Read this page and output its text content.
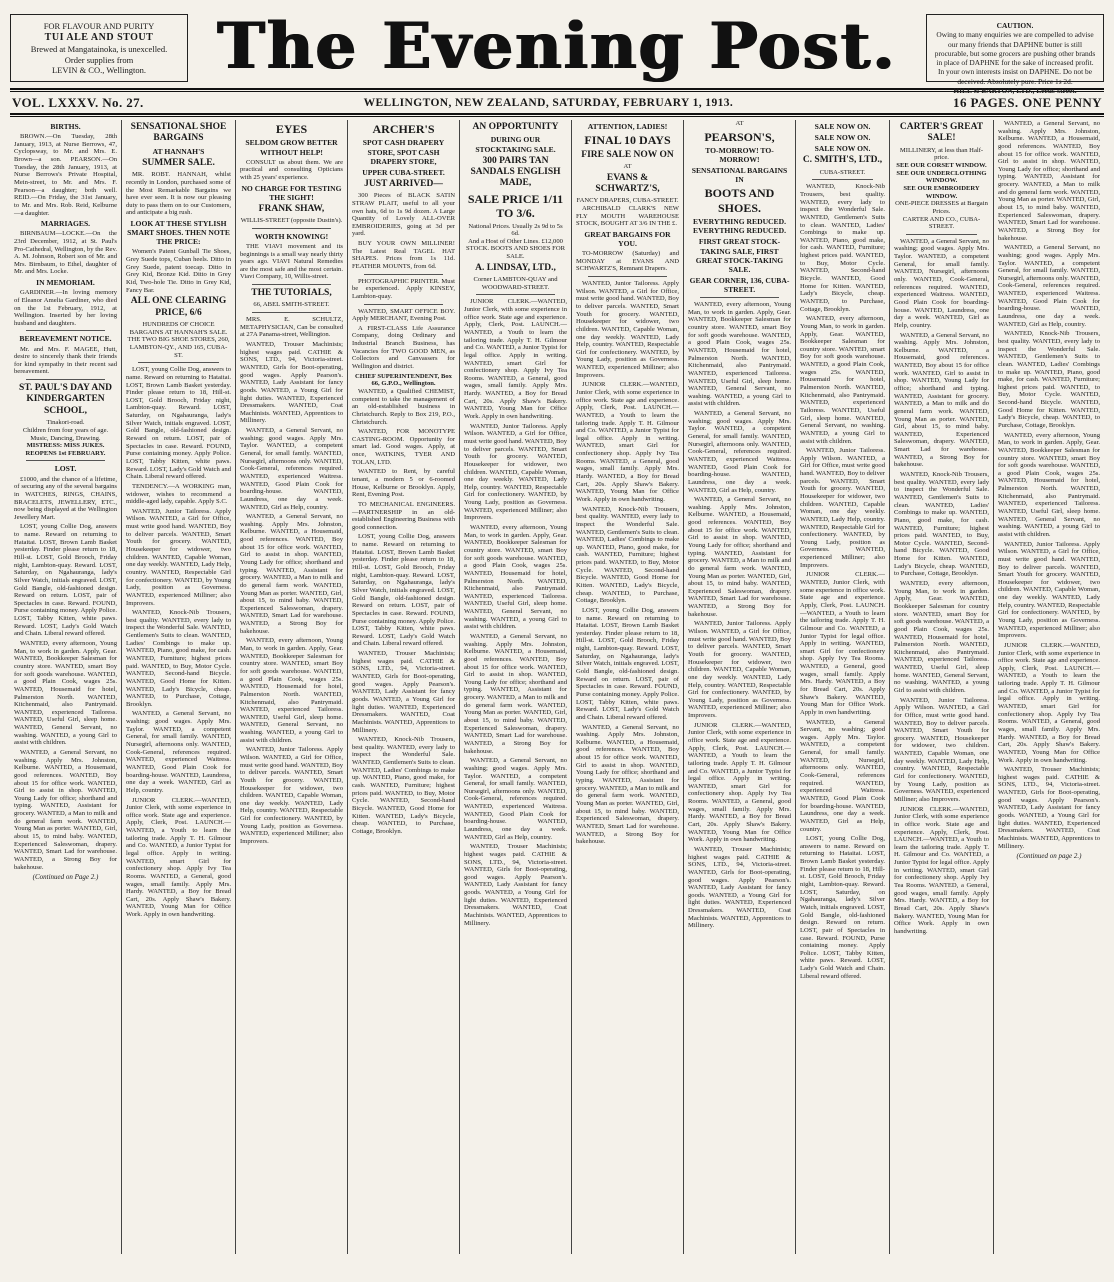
FOR FLAVOUR AND PURITY
TUI ALE AND STOUT
Brewed at Mangatainoka, is unexcelled.
Order supplies from
LEVIN & CO., Wellington.	The Evening Post.	CAUTION.
Owing to many enquiries we are compelled to advise our many friends that DAPHNE butter is still procurable, but some grocers are pushing other brands in place of DAPHNE for the sake of increased profit. In your own interests insist on DAPHNE. Do not be deceived. Absolutely pure. Price 1s 2d.
HILL & BARTON, LTD., Leeds-street.
VOL. LXXXV. No. 27.	WELLINGTON, NEW ZEALAND, SATURDAY, FEBRUARY 1, 1913.	16 PAGES. ONE PENNY
BIRTHS.
BROWN.—On Tuesday, 28th January, 1913, at Nurse Berrows, 47, Cyclopsway, to Mr. and Mrs. E. Brown—a son. PEARSON.—On Tuesday, the 28th January, 1913, at Nurse Berrows's Private Hospital, Mein-street, to Mr. and Mrs. F. Pearson—a daughter; both well. REID.—On Friday, the 31st January, to Mr. and Mrs. Rob. Reid, Kelburne—a daughter.
MARRIAGES.
BIRNBAUM—LOCKE.—On the 23rd December, 1912, at St. Paul's Pro-Cathedral, Wellington, by the Rev. A. M. Johnson, Robert son of Mr. and Mrs. Birnbaum, to Ethel, daughter of Mr. and Mrs. Locke.
IN MEMORIAM.
GARDINER.—In loving memory of Eleanor Amelia Gardiner, who died on the 1st February, 1912, at Wellington. Inserted by her loving husband and daughters.
BEREAVEMENT NOTICE.
Mr. and Mrs. F. MAGEE, Hutt, desire to sincerely thank their friends for kind sympathy in their recent sad bereavement.
ST. PAUL'S DAY AND KINDERGARTEN SCHOOL,
Tinakori-road.
Children from four years of age. Music, Dancing, Drawing.
MISTRESS: MISS JUKES.
REOPENS 1st FEBRUARY.
LOST.
£1000, and the chance of a lifetime, of securing any of the several bargains in WATCHES, RINGS, CHAINS, BRACELETS, JEWELLERY, ETC., now being displayed at the Wellington Jewellery Mart.
LOST, young Collie Dog, answers to name. Reward on returning to Hataitai. LOST, Brown Lamb Basket yesterday. Finder please return to 18, Hill-st. LOST, Gold Brooch, Friday night, Lambton-quay. Reward. LOST, Saturday, on Ngahauranga, lady's Silver Watch, initials engraved. LOST, Gold Bangle, old-fashioned design. Reward on return. LOST, pair of Spectacles in case. Reward. FOUND, Purse containing money. Apply Police. LOST, Tabby Kitten, white paws. Reward. LOST, Lady's Gold Watch and Chain. Liberal reward offered.
WANTED, every afternoon, Young Man, to work in garden. Apply, Gear. WANTED, Bookkeeper Salesman for country store. WANTED, smart Boy for soft goods warehouse. WANTED, a good Plain Cook, wages 25s. WANTED, Housemaid for hotel, Palmerston North. WANTED, Kitchenmaid, also Pantrymaid. WANTED, experienced Tailoress. WANTED, Useful Girl, sleep home. WANTED, General Servant, no washing. WANTED, a young Girl to assist with children.
WANTED, a General Servant, no washing. Apply Mrs. Johnston, Kelburne. WANTED, a Housemaid, good references. WANTED, Boy about 15 for office work. WANTED, Girl to assist in shop. WANTED, Young Lady for office; shorthand and typing. WANTED, Assistant for grocery. WANTED, a Man to milk and do general farm work. WANTED, Young Man as porter. WANTED, Girl, about 15, to mind baby. WANTED, Experienced Saleswoman, drapery. WANTED, Smart Lad for warehouse. WANTED, a Strong Boy for bakehouse.
(Continued on Page 2.)
SENSATIONAL SHOE BARGAINS
AT HANNAH'S
SUMMER SALE.
MR. ROBT. HANNAH, whilst recently in London, purchased some of the Most Remarkable Bargains we have ever seen. It is now our pleasing duty to pass them on to our Customers, and anticipate a big rush.
LOOK AT THESE STYLISH SMART SHOES. THEN NOTE THE PRICE:
Women's Patent Gunball Tie Shoes, Grey Suede tops, Cuban heels. Ditto in Grey Suede, patent toecap. Ditto in Grey Kid, Bronze Kid. Ditto in Grey Kid, Two-hole Tie. Ditto in Grey Kid, Fancy Bar.
ALL ONE CLEARING PRICE, 6/6
HUNDREDS OF CHOICE BARGAINS AT HANNAH'S SALE. THE TWO BIG SHOE STORES, 260, LAMBTON-QY., AND 165, CUBA-ST.
LOST, young Collie Dog, answers to name. Reward on returning to Hataitai. LOST, Brown Lamb Basket yesterday. Finder please return to 18, Hill-st. LOST, Gold Brooch, Friday night, Lambton-quay. Reward. LOST, Saturday, on Ngahauranga, lady's Silver Watch, initials engraved. LOST, Gold Bangle, old-fashioned design. Reward on return. LOST, pair of Spectacles in case. Reward. FOUND, Purse containing money. Apply Police. LOST, Tabby Kitten, white paws. Reward. LOST, Lady's Gold Watch and Chain. Liberal reward offered.
TENDENCY.—A WORKING man, widower, wishes to recommend a middle-aged lady, capable. Apply S.C.
WANTED, Junior Tailoress. Apply Wilson. WANTED, a Girl for Office, must write good hand. WANTED, Boy to deliver parcels. WANTED, Smart Youth for grocery. WANTED, Housekeeper for widower, two children. WANTED, Capable Woman, one day weekly. WANTED, Lady Help, country. WANTED, Respectable Girl for confectionery. WANTED, by Young Lady, position as Governess. WANTED, experienced Milliner; also Improvers.
WANTED, Knock-Nib Trousers, best quality. WANTED, every lady to inspect the Wonderful Sale. WANTED, Gentlemen's Suits to clean. WANTED, Ladies' Combings to make up. WANTED, Piano, good make, for cash. WANTED, Furniture; highest prices paid. WANTED, to Buy, Motor Cycle. WANTED, Second-hand Bicycle. WANTED, Good Home for Kitten. WANTED, Lady's Bicycle, cheap. WANTED, to Purchase, Cottage, Brooklyn.
WANTED, a General Servant, no washing; good wages. Apply Mrs. Taylor. WANTED, a competent General, for small family. WANTED, Nursegirl, afternoons only. WANTED, Cook-General, references required. WANTED, experienced Waitress. WANTED, Good Plain Cook for boarding-house. WANTED, Laundress, one day a week. WANTED, Girl as Help, country.
JUNIOR CLERK.—WANTED, Junior Clerk, with some experience in office work. State age and experience. Apply, Clerk, Post. LAUNCH.—WANTED, a Youth to learn the tailoring trade. Apply T. H. Gilmour and Co. WANTED, a Junior Typist for legal office. Apply in writing. WANTED, smart Girl for confectionery shop. Apply Ivy Tea Rooms. WANTED, a General, good wages, small family. Apply Mrs. Hardy. WANTED, a Boy for Bread Cart, 20s. Apply Shaw's Bakery. WANTED, Young Man for Office Work. Apply in own handwriting.
EYES
SELDOM GROW BETTER WITHOUT HELP!
CONSULT us about them. We are practical and consulting Opticians with 25 years' experience.
NO CHARGE FOR TESTING THE SIGHT!
FRANK SHAW,
WILLIS-STREET (opposite Dustin's).
WORTH KNOWING!
THE VIAVI movement and its beginnings is a small way nearly thirty years ago. VIAVI Natural Remedies are the most safe and the most certain. Viavi Company, 10, Willis-street.
THE TUTORIALS,
66, ABEL SMITH-STREET.
MRS. E. SCHULTZ, METAPHYSICIAN, Can be consulted at 27A Panama-street, Wellington.
WANTED, Trouser Machinists; highest wages paid. CATHIE & SONS, LTD., 94, Victoria-street. WANTED, Girls for Boot-operating, good wages. Apply Pearson's. WANTED, Lady Assistant for fancy goods. WANTED, a Young Girl for light duties. WANTED, Experienced Dressmakers. WANTED, Coat Machinists. WANTED, Apprentices to Millinery.
WANTED, a General Servant, no washing; good wages. Apply Mrs. Taylor. WANTED, a competent General, for small family. WANTED, Nursegirl, afternoons only. WANTED, Cook-General, references required. WANTED, experienced Waitress. WANTED, Good Plain Cook for boarding-house. WANTED, Laundress, one day a week. WANTED, Girl as Help, country.
WANTED, a General Servant, no washing. Apply Mrs. Johnston, Kelburne. WANTED, a Housemaid, good references. WANTED, Boy about 15 for office work. WANTED, Girl to assist in shop. WANTED, Young Lady for office; shorthand and typing. WANTED, Assistant for grocery. WANTED, a Man to milk and do general farm work. WANTED, Young Man as porter. WANTED, Girl, about 15, to mind baby. WANTED, Experienced Saleswoman, drapery. WANTED, Smart Lad for warehouse. WANTED, a Strong Boy for bakehouse.
WANTED, every afternoon, Young Man, to work in garden. Apply, Gear. WANTED, Bookkeeper Salesman for country store. WANTED, smart Boy for soft goods warehouse. WANTED, a good Plain Cook, wages 25s. WANTED, Housemaid for hotel, Palmerston North. WANTED, Kitchenmaid, also Pantrymaid. WANTED, experienced Tailoress. WANTED, Useful Girl, sleep home. WANTED, General Servant, no washing. WANTED, a young Girl to assist with children.
WANTED, Junior Tailoress. Apply Wilson. WANTED, a Girl for Office, must write good hand. WANTED, Boy to deliver parcels. WANTED, Smart Youth for grocery. WANTED, Housekeeper for widower, two children. WANTED, Capable Woman, one day weekly. WANTED, Lady Help, country. WANTED, Respectable Girl for confectionery. WANTED, by Young Lady, position as Governess. WANTED, experienced Milliner; also Improvers.
ARCHER'S
SPOT CASH DRAPERY STORE, SPOT CASH DRAPERY STORE,
UPPER CUBA-STREET.
JUST ARRIVED—
300 Pieces of BLACK SATIN STRAW PLAIT, useful to all your own hats, 6d to 1s 9d dozen. A Large Quantity of Lovely ALL-OVER EMBROIDERIES, going at 3d per yard.
BUY YOUR OWN MILLINER! The Latest Real TAGEL HAT SHAPES. Prices from 1s 11d. FEATHER MOUNTS, from 6d.
PHOTOGRAPHIC PRINTER. Must be experienced. Apply KINSEY, Lambton-quay.
WANTED, SMART OFFICE BOY. Apply MERCHANT, Evening Post.
A FIRST-CLASS Life Assurance Company, doing Ordinary and Industrial Branch Business, has Vacancies for TWO GOOD MEN, as Collectors and Canvassers for Wellington and district.
CHIEF SUPERINTENDENT, Box 66, G.P.O., Wellington.
WANTED, a Qualified CHEMIST, competent to take the management of an old-established business in Christchurch. Reply to Box 219, P.O., Christchurch.
WANTED, FOR MONOTYPE CASTING-ROOM. Opportunity for smart lad. Good wages. Apply, at once, WATKINS, TYER AND TOLAN, LTD.
WANTED to Rent, by careful tenant, a modern 5 or 6-roomed House, Kelburne or Brooklyn. Apply, Rent, Evening Post.
TO MECHANICAL ENGINEERS.—PARTNERSHIP in an old-established Engineering Business with good connection.
LOST, young Collie Dog, answers to name. Reward on returning to Hataitai. LOST, Brown Lamb Basket yesterday. Finder please return to 18, Hill-st. LOST, Gold Brooch, Friday night, Lambton-quay. Reward. LOST, Saturday, on Ngahauranga, lady's Silver Watch, initials engraved. LOST, Gold Bangle, old-fashioned design. Reward on return. LOST, pair of Spectacles in case. Reward. FOUND, Purse containing money. Apply Police. LOST, Tabby Kitten, white paws. Reward. LOST, Lady's Gold Watch and Chain. Liberal reward offered.
WANTED, Trouser Machinists; highest wages paid. CATHIE & SONS, LTD., 94, Victoria-street. WANTED, Girls for Boot-operating, good wages. Apply Pearson's. WANTED, Lady Assistant for fancy goods. WANTED, a Young Girl for light duties. WANTED, Experienced Dressmakers. WANTED, Coat Machinists. WANTED, Apprentices to Millinery.
WANTED, Knock-Nib Trousers, best quality. WANTED, every lady to inspect the Wonderful Sale. WANTED, Gentlemen's Suits to clean. WANTED, Ladies' Combings to make up. WANTED, Piano, good make, for cash. WANTED, Furniture; highest prices paid. WANTED, to Buy, Motor Cycle. WANTED, Second-hand Bicycle. WANTED, Good Home for Kitten. WANTED, Lady's Bicycle, cheap. WANTED, to Purchase, Cottage, Brooklyn.
AN OPPORTUNITY
DURING OUR STOCKTAKING SALE.
300 PAIRS TAN SANDALS ENGLISH MADE,
SALE PRICE 1/11 TO 3/6.
National Prices. Usually 2s 9d to 5s 6d.
And a Host of Other Lines. £12,000 STOCK. BOOTS AND SHOES FOR SALE.
A. LINDSAY, LTD.,
Corner LAMBTON-QUAY and WOODWARD-STREET.
JUNIOR CLERK.—WANTED, Junior Clerk, with some experience in office work. State age and experience. Apply, Clerk, Post. LAUNCH.—WANTED, a Youth to learn the tailoring trade. Apply T. H. Gilmour and Co. WANTED, a Junior Typist for legal office. Apply in writing. WANTED, smart Girl for confectionery shop. Apply Ivy Tea Rooms. WANTED, a General, good wages, small family. Apply Mrs. Hardy. WANTED, a Boy for Bread Cart, 20s. Apply Shaw's Bakery. WANTED, Young Man for Office Work. Apply in own handwriting.
WANTED, Junior Tailoress. Apply Wilson. WANTED, a Girl for Office, must write good hand. WANTED, Boy to deliver parcels. WANTED, Smart Youth for grocery. WANTED, Housekeeper for widower, two children. WANTED, Capable Woman, one day weekly. WANTED, Lady Help, country. WANTED, Respectable Girl for confectionery. WANTED, by Young Lady, position as Governess. WANTED, experienced Milliner; also Improvers.
WANTED, every afternoon, Young Man, to work in garden. Apply, Gear. WANTED, Bookkeeper Salesman for country store. WANTED, smart Boy for soft goods warehouse. WANTED, a good Plain Cook, wages 25s. WANTED, Housemaid for hotel, Palmerston North. WANTED, Kitchenmaid, also Pantrymaid. WANTED, experienced Tailoress. WANTED, Useful Girl, sleep home. WANTED, General Servant, no washing. WANTED, a young Girl to assist with children.
WANTED, a General Servant, no washing. Apply Mrs. Johnston, Kelburne. WANTED, a Housemaid, good references. WANTED, Boy about 15 for office work. WANTED, Girl to assist in shop. WANTED, Young Lady for office; shorthand and typing. WANTED, Assistant for grocery. WANTED, a Man to milk and do general farm work. WANTED, Young Man as porter. WANTED, Girl, about 15, to mind baby. WANTED, Experienced Saleswoman, drapery. WANTED, Smart Lad for warehouse. WANTED, a Strong Boy for bakehouse.
WANTED, a General Servant, no washing; good wages. Apply Mrs. Taylor. WANTED, a competent General, for small family. WANTED, Nursegirl, afternoons only. WANTED, Cook-General, references required. WANTED, experienced Waitress. WANTED, Good Plain Cook for boarding-house. WANTED, Laundress, one day a week. WANTED, Girl as Help, country.
WANTED, Trouser Machinists; highest wages paid. CATHIE & SONS, LTD., 94, Victoria-street. WANTED, Girls for Boot-operating, good wages. Apply Pearson's. WANTED, Lady Assistant for fancy goods. WANTED, a Young Girl for light duties. WANTED, Experienced Dressmakers. WANTED, Coat Machinists. WANTED, Apprentices to Millinery.
ATTENTION, LADIES!
FINAL 10 DAYS
FIRE SALE NOW ON
AT
EVANS & SCHWARTZ'S,
FANCY DRAPERS, CUBA-STREET.
ARCHIBALD CLARK'S NEW FLY MOUTH WAREHOUSE STOCK, BOUGHT AT 3/6 IN THE £.
GREAT BARGAINS FOR YOU.
TO-MORROW (Saturday) and MONDAY at EVANS AND SCHWARTZ'S, Remnant Drapers.
WANTED, Junior Tailoress. Apply Wilson. WANTED, a Girl for Office, must write good hand. WANTED, Boy to deliver parcels. WANTED, Smart Youth for grocery. WANTED, Housekeeper for widower, two children. WANTED, Capable Woman, one day weekly. WANTED, Lady Help, country. WANTED, Respectable Girl for confectionery. WANTED, by Young Lady, position as Governess. WANTED, experienced Milliner; also Improvers.
JUNIOR CLERK.—WANTED, Junior Clerk, with some experience in office work. State age and experience. Apply, Clerk, Post. LAUNCH.—WANTED, a Youth to learn the tailoring trade. Apply T. H. Gilmour and Co. WANTED, a Junior Typist for legal office. Apply in writing. WANTED, smart Girl for confectionery shop. Apply Ivy Tea Rooms. WANTED, a General, good wages, small family. Apply Mrs. Hardy. WANTED, a Boy for Bread Cart, 20s. Apply Shaw's Bakery. WANTED, Young Man for Office Work. Apply in own handwriting.
WANTED, Knock-Nib Trousers, best quality. WANTED, every lady to inspect the Wonderful Sale. WANTED, Gentlemen's Suits to clean. WANTED, Ladies' Combings to make up. WANTED, Piano, good make, for cash. WANTED, Furniture; highest prices paid. WANTED, to Buy, Motor Cycle. WANTED, Second-hand Bicycle. WANTED, Good Home for Kitten. WANTED, Lady's Bicycle, cheap. WANTED, to Purchase, Cottage, Brooklyn.
LOST, young Collie Dog, answers to name. Reward on returning to Hataitai. LOST, Brown Lamb Basket yesterday. Finder please return to 18, Hill-st. LOST, Gold Brooch, Friday night, Lambton-quay. Reward. LOST, Saturday, on Ngahauranga, lady's Silver Watch, initials engraved. LOST, Gold Bangle, old-fashioned design. Reward on return. LOST, pair of Spectacles in case. Reward. FOUND, Purse containing money. Apply Police. LOST, Tabby Kitten, white paws. Reward. LOST, Lady's Gold Watch and Chain. Liberal reward offered.
WANTED, a General Servant, no washing. Apply Mrs. Johnston, Kelburne. WANTED, a Housemaid, good references. WANTED, Boy about 15 for office work. WANTED, Girl to assist in shop. WANTED, Young Lady for office; shorthand and typing. WANTED, Assistant for grocery. WANTED, a Man to milk and do general farm work. WANTED, Young Man as porter. WANTED, Girl, about 15, to mind baby. WANTED, Experienced Saleswoman, drapery. WANTED, Smart Lad for warehouse. WANTED, a Strong Boy for bakehouse.
AT
PEARSON'S,
TO-MORROW! TO-MORROW!
SENSATIONAL BARGAINS IN
BOOTS AND SHOES.
EVERYTHING REDUCED. EVERYTHING REDUCED.
FIRST GREAT STOCK-TAKING SALE, FIRST GREAT STOCK-TAKING SALE.
GEAR CORNER, 136, CUBA-STREET.
WANTED, every afternoon, Young Man, to work in garden. Apply, Gear. WANTED, Bookkeeper Salesman for country store. WANTED, smart Boy for soft goods warehouse. WANTED, a good Plain Cook, wages 25s. WANTED, Housemaid for hotel, Palmerston North. WANTED, Kitchenmaid, also Pantrymaid. WANTED, experienced Tailoress. WANTED, Useful Girl, sleep home. WANTED, General Servant, no washing. WANTED, a young Girl to assist with children.
WANTED, a General Servant, no washing; good wages. Apply Mrs. Taylor. WANTED, a competent General, for small family. WANTED, Nursegirl, afternoons only. WANTED, Cook-General, references required. WANTED, experienced Waitress. WANTED, Good Plain Cook for boarding-house. WANTED, Laundress, one day a week. WANTED, Girl as Help, country.
WANTED, a General Servant, no washing. Apply Mrs. Johnston, Kelburne. WANTED, a Housemaid, good references. WANTED, Boy about 15 for office work. WANTED, Girl to assist in shop. WANTED, Young Lady for office; shorthand and typing. WANTED, Assistant for grocery. WANTED, a Man to milk and do general farm work. WANTED, Young Man as porter. WANTED, Girl, about 15, to mind baby. WANTED, Experienced Saleswoman, drapery. WANTED, Smart Lad for warehouse. WANTED, a Strong Boy for bakehouse.
WANTED, Junior Tailoress. Apply Wilson. WANTED, a Girl for Office, must write good hand. WANTED, Boy to deliver parcels. WANTED, Smart Youth for grocery. WANTED, Housekeeper for widower, two children. WANTED, Capable Woman, one day weekly. WANTED, Lady Help, country. WANTED, Respectable Girl for confectionery. WANTED, by Young Lady, position as Governess. WANTED, experienced Milliner; also Improvers.
JUNIOR CLERK.—WANTED, Junior Clerk, with some experience in office work. State age and experience. Apply, Clerk, Post. LAUNCH.—WANTED, a Youth to learn the tailoring trade. Apply T. H. Gilmour and Co. WANTED, a Junior Typist for legal office. Apply in writing. WANTED, smart Girl for confectionery shop. Apply Ivy Tea Rooms. WANTED, a General, good wages, small family. Apply Mrs. Hardy. WANTED, a Boy for Bread Cart, 20s. Apply Shaw's Bakery. WANTED, Young Man for Office Work. Apply in own handwriting.
WANTED, Trouser Machinists; highest wages paid. CATHIE & SONS, LTD., 94, Victoria-street. WANTED, Girls for Boot-operating, good wages. Apply Pearson's. WANTED, Lady Assistant for fancy goods. WANTED, a Young Girl for light duties. WANTED, Experienced Dressmakers. WANTED, Coat Machinists. WANTED, Apprentices to Millinery.
SALE NOW ON.
SALE NOW ON.
SALE NOW ON.
C. SMITH'S, LTD.,
CUBA-STREET.
WANTED, Knock-Nib Trousers, best quality. WANTED, every lady to inspect the Wonderful Sale. WANTED, Gentlemen's Suits to clean. WANTED, Ladies' Combings to make up. WANTED, Piano, good make, for cash. WANTED, Furniture; highest prices paid. WANTED, to Buy, Motor Cycle. WANTED, Second-hand Bicycle. WANTED, Good Home for Kitten. WANTED, Lady's Bicycle, cheap. WANTED, to Purchase, Cottage, Brooklyn.
WANTED, every afternoon, Young Man, to work in garden. Apply, Gear. WANTED, Bookkeeper Salesman for country store. WANTED, smart Boy for soft goods warehouse. WANTED, a good Plain Cook, wages 25s. WANTED, Housemaid for hotel, Palmerston North. WANTED, Kitchenmaid, also Pantrymaid. WANTED, experienced Tailoress. WANTED, Useful Girl, sleep home. WANTED, General Servant, no washing. WANTED, a young Girl to assist with children.
WANTED, Junior Tailoress. Apply Wilson. WANTED, a Girl for Office, must write good hand. WANTED, Boy to deliver parcels. WANTED, Smart Youth for grocery. WANTED, Housekeeper for widower, two children. WANTED, Capable Woman, one day weekly. WANTED, Lady Help, country. WANTED, Respectable Girl for confectionery. WANTED, by Young Lady, position as Governess. WANTED, experienced Milliner; also Improvers.
JUNIOR CLERK.—WANTED, Junior Clerk, with some experience in office work. State age and experience. Apply, Clerk, Post. LAUNCH.—WANTED, a Youth to learn the tailoring trade. Apply T. H. Gilmour and Co. WANTED, a Junior Typist for legal office. Apply in writing. WANTED, smart Girl for confectionery shop. Apply Ivy Tea Rooms. WANTED, a General, good wages, small family. Apply Mrs. Hardy. WANTED, a Boy for Bread Cart, 20s. Apply Shaw's Bakery. WANTED, Young Man for Office Work. Apply in own handwriting.
WANTED, a General Servant, no washing; good wages. Apply Mrs. Taylor. WANTED, a competent General, for small family. WANTED, Nursegirl, afternoons only. WANTED, Cook-General, references required. WANTED, experienced Waitress. WANTED, Good Plain Cook for boarding-house. WANTED, Laundress, one day a week. WANTED, Girl as Help, country.
LOST, young Collie Dog, answers to name. Reward on returning to Hataitai. LOST, Brown Lamb Basket yesterday. Finder please return to 18, Hill-st. LOST, Gold Brooch, Friday night, Lambton-quay. Reward. LOST, Saturday, on Ngahauranga, lady's Silver Watch, initials engraved. LOST, Gold Bangle, old-fashioned design. Reward on return. LOST, pair of Spectacles in case. Reward. FOUND, Purse containing money. Apply Police. LOST, Tabby Kitten, white paws. Reward. LOST, Lady's Gold Watch and Chain. Liberal reward offered.
CARTER'S GREAT SALE!
MILLINERY, at less than Half-price.
SEE OUR CORSET WINDOW.
SEE OUR UNDERCLOTHING WINDOW.
SEE OUR EMBROIDERY WINDOW.
ONE-PIECE DRESSES at Bargain Prices.
CARTER AND CO., CUBA-STREET.
WANTED, a General Servant, no washing; good wages. Apply Mrs. Taylor. WANTED, a competent General, for small family. WANTED, Nursegirl, afternoons only. WANTED, Cook-General, references required. WANTED, experienced Waitress. WANTED, Good Plain Cook for boarding-house. WANTED, Laundress, one day a week. WANTED, Girl as Help, country.
WANTED, a General Servant, no washing. Apply Mrs. Johnston, Kelburne. WANTED, a Housemaid, good references. WANTED, Boy about 15 for office work. WANTED, Girl to assist in shop. WANTED, Young Lady for office; shorthand and typing. WANTED, Assistant for grocery. WANTED, a Man to milk and do general farm work. WANTED, Young Man as porter. WANTED, Girl, about 15, to mind baby. WANTED, Experienced Saleswoman, drapery. WANTED, Smart Lad for warehouse. WANTED, a Strong Boy for bakehouse.
WANTED, Knock-Nib Trousers, best quality. WANTED, every lady to inspect the Wonderful Sale. WANTED, Gentlemen's Suits to clean. WANTED, Ladies' Combings to make up. WANTED, Piano, good make, for cash. WANTED, Furniture; highest prices paid. WANTED, to Buy, Motor Cycle. WANTED, Second-hand Bicycle. WANTED, Good Home for Kitten. WANTED, Lady's Bicycle, cheap. WANTED, to Purchase, Cottage, Brooklyn.
WANTED, every afternoon, Young Man, to work in garden. Apply, Gear. WANTED, Bookkeeper Salesman for country store. WANTED, smart Boy for soft goods warehouse. WANTED, a good Plain Cook, wages 25s. WANTED, Housemaid for hotel, Palmerston North. WANTED, Kitchenmaid, also Pantrymaid. WANTED, experienced Tailoress. WANTED, Useful Girl, sleep home. WANTED, General Servant, no washing. WANTED, a young Girl to assist with children.
WANTED, Junior Tailoress. Apply Wilson. WANTED, a Girl for Office, must write good hand. WANTED, Boy to deliver parcels. WANTED, Smart Youth for grocery. WANTED, Housekeeper for widower, two children. WANTED, Capable Woman, one day weekly. WANTED, Lady Help, country. WANTED, Respectable Girl for confectionery. WANTED, by Young Lady, position as Governess. WANTED, experienced Milliner; also Improvers.
JUNIOR CLERK.—WANTED, Junior Clerk, with some experience in office work. State age and experience. Apply, Clerk, Post. LAUNCH.—WANTED, a Youth to learn the tailoring trade. Apply T. H. Gilmour and Co. WANTED, a Junior Typist for legal office. Apply in writing. WANTED, smart Girl for confectionery shop. Apply Ivy Tea Rooms. WANTED, a General, good wages, small family. Apply Mrs. Hardy. WANTED, a Boy for Bread Cart, 20s. Apply Shaw's Bakery. WANTED, Young Man for Office Work. Apply in own handwriting.
WANTED, a General Servant, no washing. Apply Mrs. Johnston, Kelburne. WANTED, a Housemaid, good references. WANTED, Boy about 15 for office work. WANTED, Girl to assist in shop. WANTED, Young Lady for office; shorthand and typing. WANTED, Assistant for grocery. WANTED, a Man to milk and do general farm work. WANTED, Young Man as porter. WANTED, Girl, about 15, to mind baby. WANTED, Experienced Saleswoman, drapery. WANTED, Smart Lad for warehouse. WANTED, a Strong Boy for bakehouse.
WANTED, a General Servant, no washing; good wages. Apply Mrs. Taylor. WANTED, a competent General, for small family. WANTED, Nursegirl, afternoons only. WANTED, Cook-General, references required. WANTED, experienced Waitress. WANTED, Good Plain Cook for boarding-house. WANTED, Laundress, one day a week. WANTED, Girl as Help, country.
WANTED, Knock-Nib Trousers, best quality. WANTED, every lady to inspect the Wonderful Sale. WANTED, Gentlemen's Suits to clean. WANTED, Ladies' Combings to make up. WANTED, Piano, good make, for cash. WANTED, Furniture; highest prices paid. WANTED, to Buy, Motor Cycle. WANTED, Second-hand Bicycle. WANTED, Good Home for Kitten. WANTED, Lady's Bicycle, cheap. WANTED, to Purchase, Cottage, Brooklyn.
WANTED, every afternoon, Young Man, to work in garden. Apply, Gear. WANTED, Bookkeeper Salesman for country store. WANTED, smart Boy for soft goods warehouse. WANTED, a good Plain Cook, wages 25s. WANTED, Housemaid for hotel, Palmerston North. WANTED, Kitchenmaid, also Pantrymaid. WANTED, experienced Tailoress. WANTED, Useful Girl, sleep home. WANTED, General Servant, no washing. WANTED, a young Girl to assist with children.
WANTED, Junior Tailoress. Apply Wilson. WANTED, a Girl for Office, must write good hand. WANTED, Boy to deliver parcels. WANTED, Smart Youth for grocery. WANTED, Housekeeper for widower, two children. WANTED, Capable Woman, one day weekly. WANTED, Lady Help, country. WANTED, Respectable Girl for confectionery. WANTED, by Young Lady, position as Governess. WANTED, experienced Milliner; also Improvers.
JUNIOR CLERK.—WANTED, Junior Clerk, with some experience in office work. State age and experience. Apply, Clerk, Post. LAUNCH.—WANTED, a Youth to learn the tailoring trade. Apply T. H. Gilmour and Co. WANTED, a Junior Typist for legal office. Apply in writing. WANTED, smart Girl for confectionery shop. Apply Ivy Tea Rooms. WANTED, a General, good wages, small family. Apply Mrs. Hardy. WANTED, a Boy for Bread Cart, 20s. Apply Shaw's Bakery. WANTED, Young Man for Office Work. Apply in own handwriting.
WANTED, Trouser Machinists; highest wages paid. CATHIE & SONS, LTD., 94, Victoria-street. WANTED, Girls for Boot-operating, good wages. Apply Pearson's. WANTED, Lady Assistant for fancy goods. WANTED, a Young Girl for light duties. WANTED, Experienced Dressmakers. WANTED, Coat Machinists. WANTED, Apprentices to Millinery.
(Continued on page 2.)
